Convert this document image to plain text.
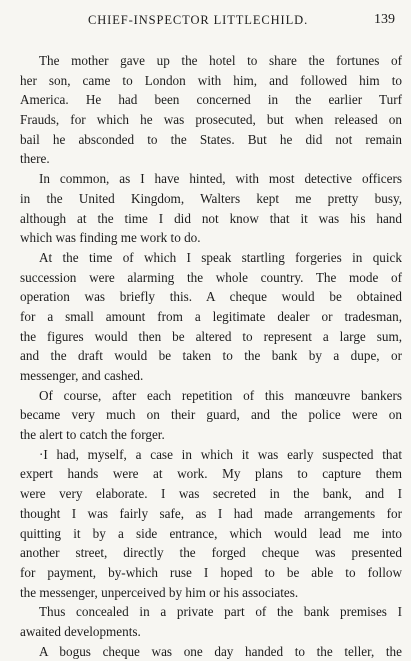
CHIEF-INSPECTOR LITTLECHILD.	139
The mother gave up the hotel to share the fortunes of
her son, came to London with him, and followed him to
America. He had been concerned in the earlier Turf
Frauds, for which he was prosecuted, but when released on
bail he absconded to the States. But he did not remain
there.
In common, as I have hinted, with most detective officers
in the United Kingdom, Walters kept me pretty busy,
although at the time I did not know that it was his hand
which was finding me work to do.
At the time of which I speak startling forgeries in quick
succession were alarming the whole country. The mode of
operation was briefly this. A cheque would be obtained
for a small amount from a legitimate dealer or tradesman,
the figures would then be altered to represent a large sum,
and the draft would be taken to the bank by a dupe, or
messenger, and cashed.
Of course, after each repetition of this manœuvre bankers
became very much on their guard, and the police were on
the alert to catch the forger.
·I had, myself, a case in which it was early suspected that
expert hands were at work. My plans to capture them
were very elaborate. I was secreted in the bank, and I
thought I was fairly safe, as I had made arrangements for
quitting it by a side entrance, which would lead me into
another street, directly the forged cheque was presented
for payment, by-which ruse I hoped to be able to follow
the messenger, unperceived by him or his associates.
Thus concealed in a private part of the bank premises I
awaited developments.
A bogus cheque was one day handed to the teller, the
